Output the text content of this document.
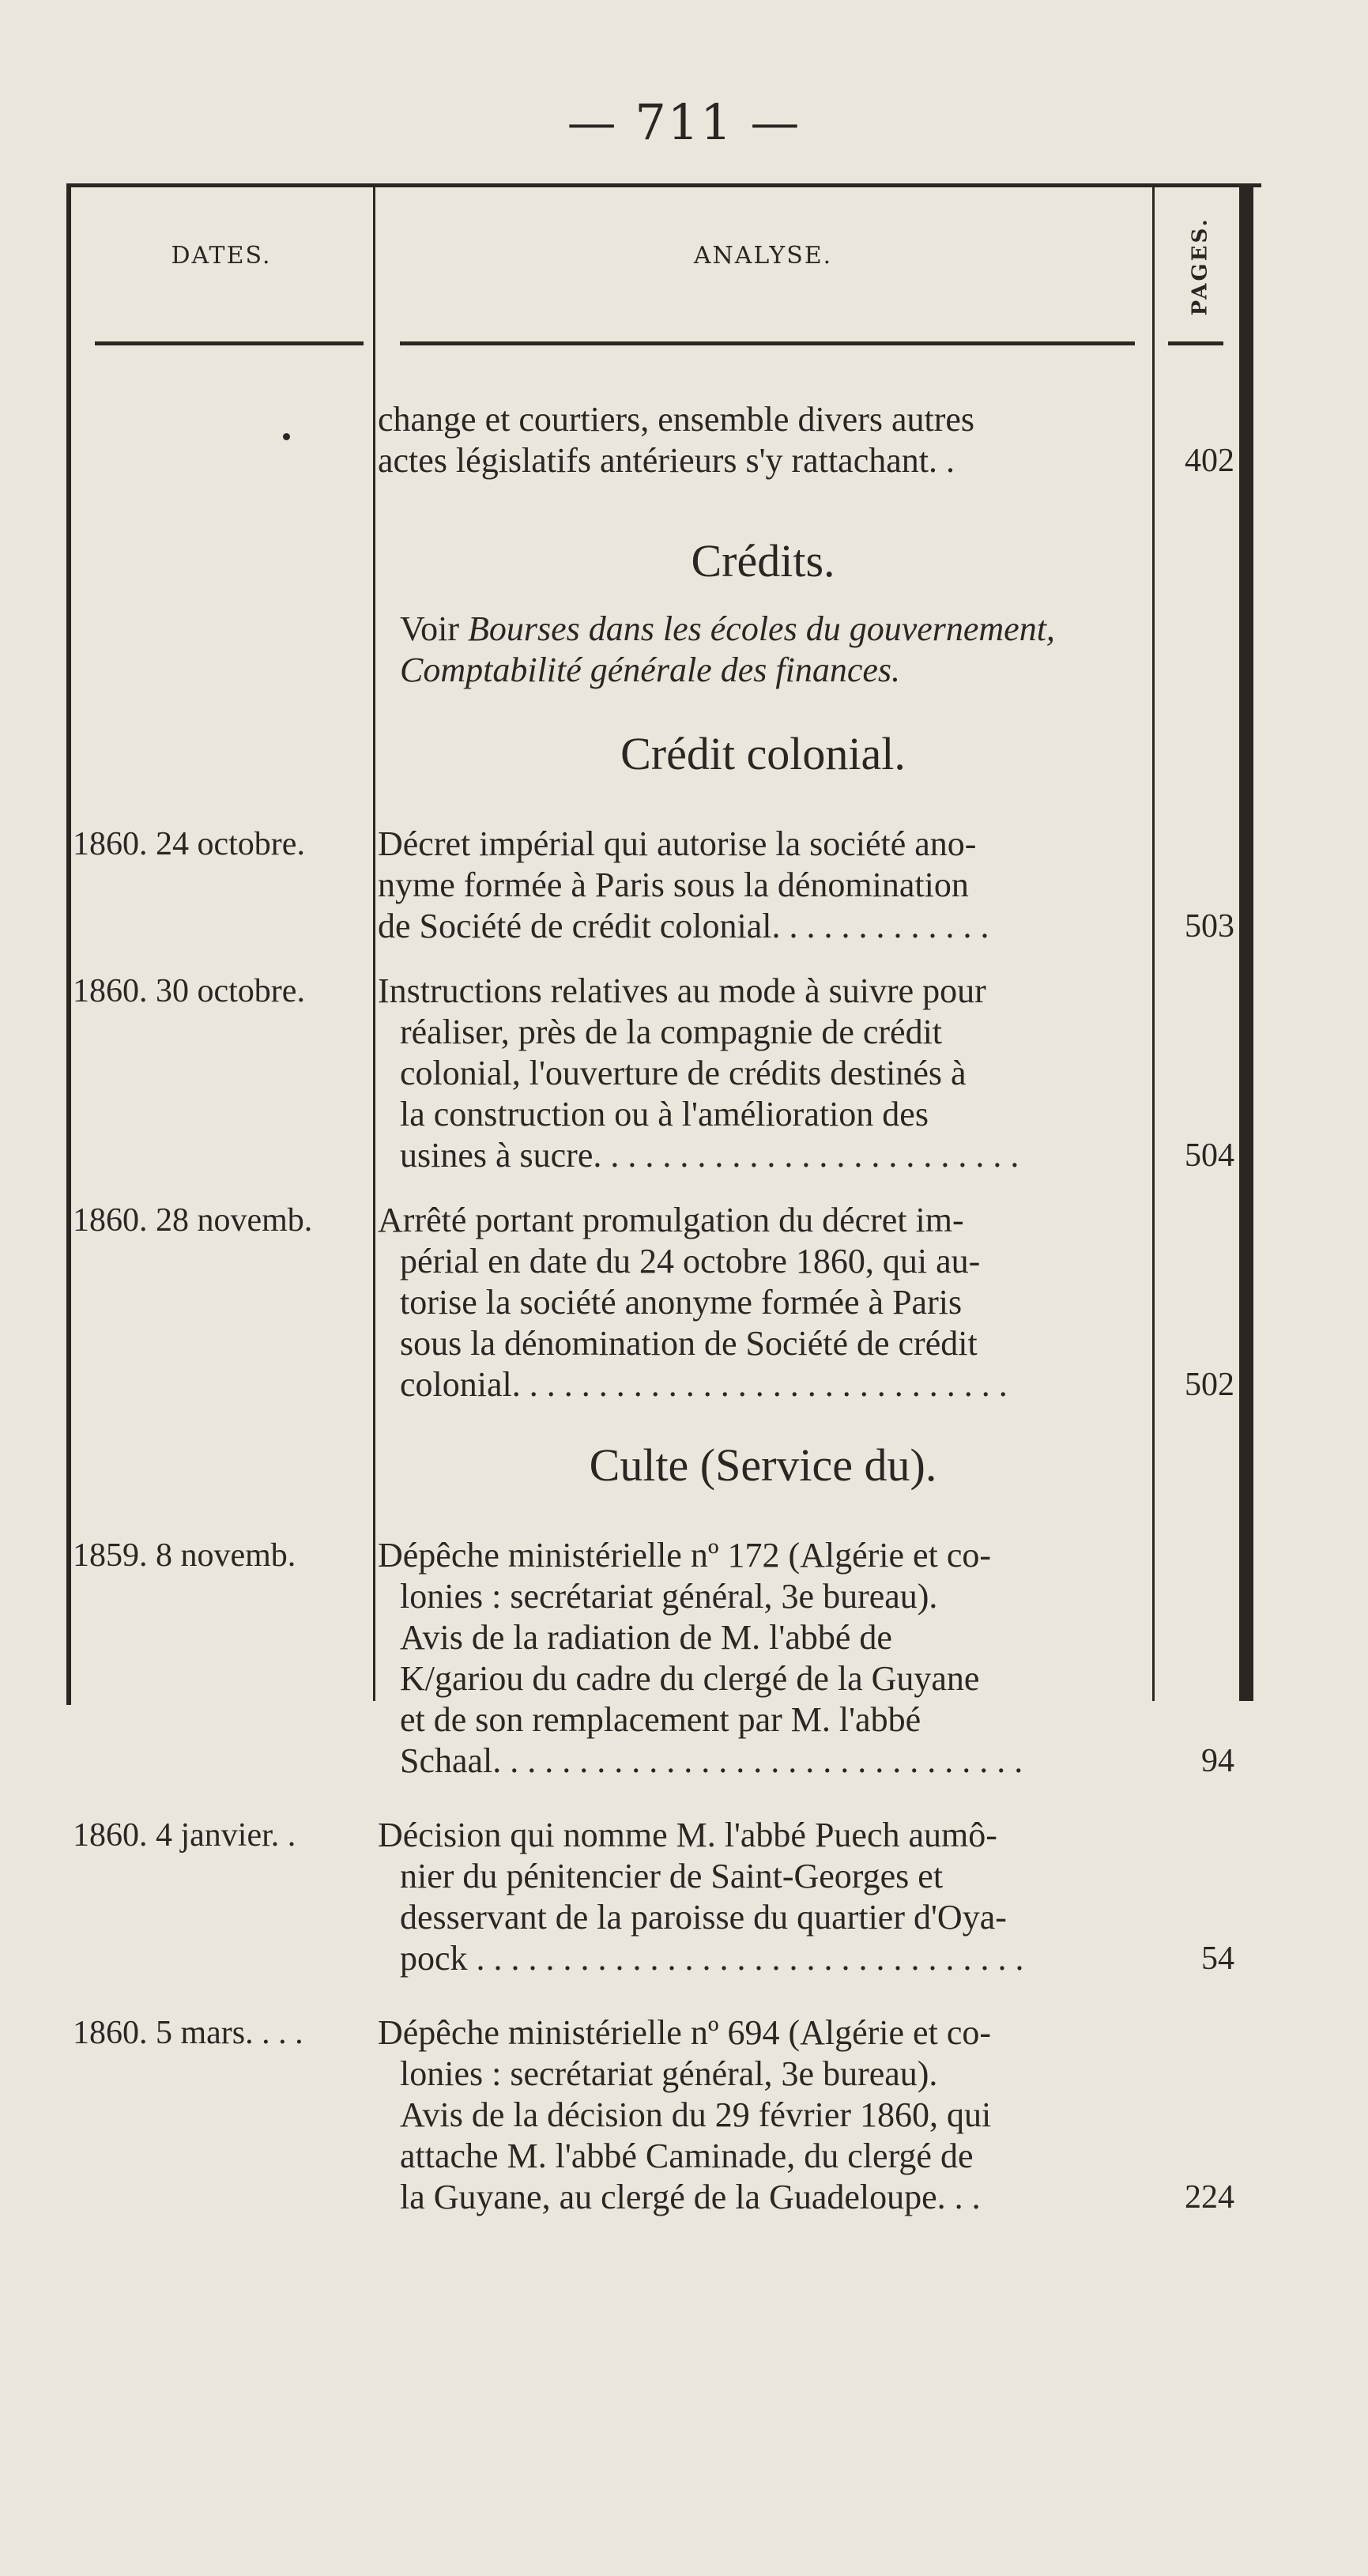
— 711 —
DATES.	ANALYSE.	PAGES.
change et courtiers, ensemble divers autres
actes législatifs antérieurs s'y rattachant. .	402
Crédits.
Voir Bourses dans les écoles du gouvernement,
Comptabilité générale des finances.
Crédit colonial.
1860. 24 octobre.	Décret impérial qui autorise la société ano-
nyme formée à Paris sous la dénomination
de Société de crédit colonial. . . . . . . . . . . . .	503
1860. 30 octobre.	Instructions relatives au mode à suivre pour
réaliser, près de la compagnie de crédit
colonial, l'ouverture de crédits destinés à
la construction ou à l'amélioration des
usines à sucre. . . . . . . . . . . . . . . . . . . . . . . . .	504
1860. 28 novemb.	Arrêté portant promulgation du décret im-
périal en date du 24 octobre 1860, qui au-
torise la société anonyme formée à Paris
sous la dénomination de Société de crédit
colonial. . . . . . . . . . . . . . . . . . . . . . . . . . . . .	502
Culte (Service du).
1859. 8 novemb.	Dépêche ministérielle nº 172 (Algérie et co-
lonies : secrétariat général, 3e bureau).
Avis de la radiation de M. l'abbé de
K/gariou du cadre du clergé de la Guyane
et de son remplacement par M. l'abbé
Schaal. . . . . . . . . . . . . . . . . . . . . . . . . . . . . . .	94
1860. 4 janvier. .	Décision qui nomme M. l'abbé Puech aumô-
nier du pénitencier de Saint-Georges et
desservant de la paroisse du quartier d'Oya-
pock . . . . . . . . . . . . . . . . . . . . . . . . . . . . . . . .	54
1860. 5 mars. . . .	Dépêche ministérielle nº 694 (Algérie et co-
lonies : secrétariat général, 3e bureau).
Avis de la décision du 29 février 1860, qui
attache M. l'abbé Caminade, du clergé de
la Guyane, au clergé de la Guadeloupe. . .	224
